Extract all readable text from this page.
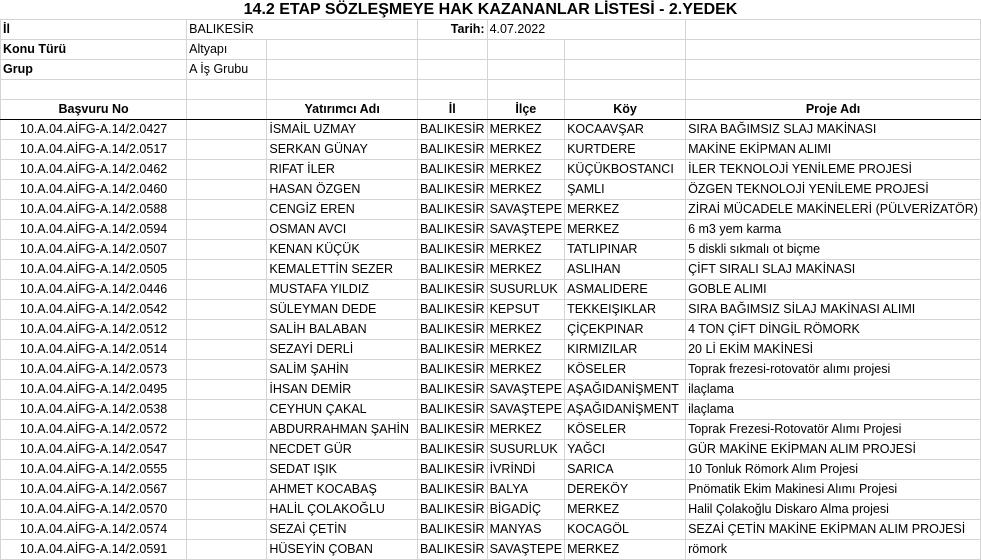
14.2 ETAP SÖZLEŞMEYE HAK KAZANANLAR LİSTESİ - 2.YEDEK
İl	BALIKESİR		Tarih:	4.07.2022		
Konu Türü	Altyapı					
Grup	A İş Grubu					

Başvuru No		Yatırımcı Adı	İl	İlçe	Köy	Proje Adı
10.A.04.AİFG-A.14/2.0427		İSMAİL UZMAY	BALIKESİR	MERKEZ	KOCAAVŞAR	SIRA BAĞIMSIZ SLAJ MAKİNASI
10.A.04.AİFG-A.14/2.0517		SERKAN GÜNAY	BALIKESİR	MERKEZ	KURTDERE	MAKİNE EKİPMAN ALIMI
10.A.04.AİFG-A.14/2.0462		RIFAT İLER	BALIKESİR	MERKEZ	KÜÇÜKBOSTANCI	İLER TEKNOLOJİ YENİLEME PROJESİ
10.A.04.AİFG-A.14/2.0460		HASAN ÖZGEN	BALIKESİR	MERKEZ	ŞAMLI	ÖZGEN TEKNOLOJİ YENİLEME PROJESİ
10.A.04.AİFG-A.14/2.0588		CENGİZ EREN	BALIKESİR	SAVAŞTEPE	MERKEZ	ZİRAİ MÜCADELE MAKİNELERİ (PÜLVERİZATÖR)
10.A.04.AİFG-A.14/2.0594		OSMAN AVCI	BALIKESİR	SAVAŞTEPE	MERKEZ	6 m3 yem karma
10.A.04.AİFG-A.14/2.0507		KENAN KÜÇÜK	BALIKESİR	MERKEZ	TATLIPINAR	5 diskli sıkmalı ot biçme
10.A.04.AİFG-A.14/2.0505		KEMALETTİN SEZER	BALIKESİR	MERKEZ	ASLIHAN	ÇİFT SIRALI SLAJ MAKİNASI
10.A.04.AİFG-A.14/2.0446		MUSTAFA YILDIZ	BALIKESİR	SUSURLUK	ASMALIDERE	GOBLE ALIMI
10.A.04.AİFG-A.14/2.0542		SÜLEYMAN DEDE	BALIKESİR	KEPSUT	TEKKEIŞIKLAR	SIRA BAĞIMSIZ SİLAJ MAKİNASI ALIMI
10.A.04.AİFG-A.14/2.0512		SALİH BALABAN	BALIKESİR	MERKEZ	ÇİÇEKPINAR	4 TON ÇİFT DİNGİL RÖMORK
10.A.04.AİFG-A.14/2.0514		SEZAYİ DERLİ	BALIKESİR	MERKEZ	KIRMIZILAR	20 Lİ EKİM MAKİNESİ
10.A.04.AİFG-A.14/2.0573		SALİM ŞAHİN	BALIKESİR	MERKEZ	KÖSELER	Toprak frezesi-rotovatör alımı projesi
10.A.04.AİFG-A.14/2.0495		İHSAN DEMİR	BALIKESİR	SAVAŞTEPE	AŞAĞIDANİŞMENT	ilaçlama
10.A.04.AİFG-A.14/2.0538		CEYHUN ÇAKAL	BALIKESİR	SAVAŞTEPE	AŞAĞIDANİŞMENT	ilaçlama
10.A.04.AİFG-A.14/2.0572		ABDURRAHMAN ŞAHİN	BALIKESİR	MERKEZ	KÖSELER	Toprak Frezesi-Rotovatör Alımı Projesi
10.A.04.AİFG-A.14/2.0547		NECDET GÜR	BALIKESİR	SUSURLUK	YAĞCI	GÜR MAKİNE EKİPMAN ALIM PROJESİ
10.A.04.AİFG-A.14/2.0555		SEDAT IŞIK	BALIKESİR	İVRİNDİ	SARICA	10 Tonluk Römork Alım Projesi
10.A.04.AİFG-A.14/2.0567		AHMET KOCABAŞ	BALIKESİR	BALYA	DEREKÖY	Pnömatik Ekim Makinesi Alımı Projesi
10.A.04.AİFG-A.14/2.0570		HALİL ÇOLAKOĞLU	BALIKESİR	BİGADİÇ	MERKEZ	Halil Çolakoğlu Diskaro Alma projesi
10.A.04.AİFG-A.14/2.0574		SEZAİ ÇETİN	BALIKESİR	MANYAS	KOCAGÖL	SEZAİ ÇETİN MAKİNE EKİPMAN ALIM PROJESİ
10.A.04.AİFG-A.14/2.0591		HÜSEYİN ÇOBAN	BALIKESİR	SAVAŞTEPE	MERKEZ	römork
